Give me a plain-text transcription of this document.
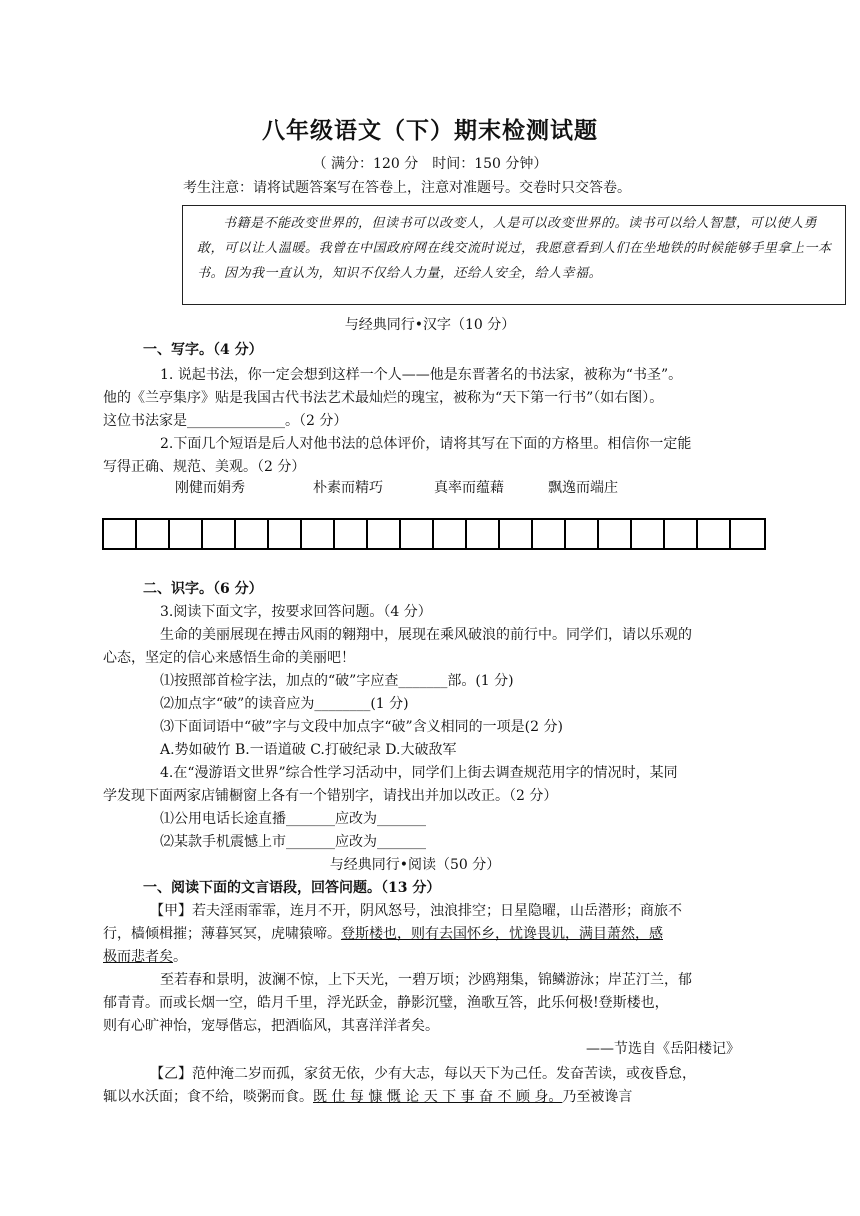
八年级语文（下）期末检测试题
（ 满分：120 分　时间：150 分钟）
考生注意：请将试题答案写在答卷上，注意对准题号。交卷时只交答卷。
书籍是不能改变世界的，但读书可以改变人，人是可以改变世界的。读书可以给人智慧，可以使人勇敢，可以让人温暖。我曾在中国政府网在线交流时说过，我愿意看到人们在坐地铁的时候能够手里拿上一本书。因为我一直认为，知识不仅给人力量，还给人安全，给人幸福。
与经典同行•汉字（10 分）
一、写字。（4 分）
1. 说起书法，你一定会想到这样一个人——他是东晋著名的书法家，被称为“书圣”。
他的《兰亭集序》贴是我国古代书法艺术最灿烂的瑰宝，被称为“天下第一行书”（如右图）。
这位书法家是______________。（2 分）
2.下面几个短语是后人对他书法的总体评价，请将其写在下面的方格里。相信你一定能
写得正确、规范、美观。（2 分）
刚健而娟秀	朴素而精巧	真率而蕴藉	飘逸而端庄
二、识字。（6 分）
3.阅读下面文字，按要求回答问题。（4 分）
生命的美丽展现在搏击风雨的翱翔中，展现在乘风破浪的前行中。同学们，请以乐观的
心态，坚定的信心来感悟生命的美丽吧！
⑴按照部首检字法，加点的“破”字应查_______部。(1 分)
⑵加点字“破”的读音应为________(1 分)
⑶下面词语中“破”字与文段中加点字“破”含义相同的一项是(2 分)
A.势如破竹 B.一语道破 C.打破纪录 D.大破敌军
4.在“漫游语文世界”综合性学习活动中，同学们上街去调查规范用字的情况时，某同
学发现下面两家店铺橱窗上各有一个错别字，请找出并加以改正。（2 分）
⑴公用电话长途直播_______应改为_______
⑵某款手机震憾上市_______应改为_______
与经典同行•阅读（50 分）
一、阅读下面的文言语段，回答问题。（13 分）
【甲】若夫淫雨霏霏，连月不开，阴风怒号，浊浪排空；日星隐曜，山岳潜形；商旅不
行，樯倾楫摧；薄暮冥冥，虎啸猿啼。登斯楼也，则有去国怀乡，忧谗畏讥，满目萧然，感
极而悲者矣。
至若春和景明，波澜不惊，上下天光，一碧万顷；沙鸥翔集，锦鳞游泳；岸芷汀兰，郁
郁青青。而或长烟一空，皓月千里，浮光跃金，静影沉璧，渔歌互答，此乐何极!登斯楼也，
则有心旷神怡，宠辱偕忘，把酒临风，其喜洋洋者矣。
——节选自《岳阳楼记》
【乙】范仲淹二岁而孤，家贫无依，少有大志，每以天下为己任。发奋苦读，或夜昏怠，
辄以水沃面；食不给，啖粥而食。既 仕 每 慷 慨 论 天 下 事 奋 不 顾 身。乃至被谗言
